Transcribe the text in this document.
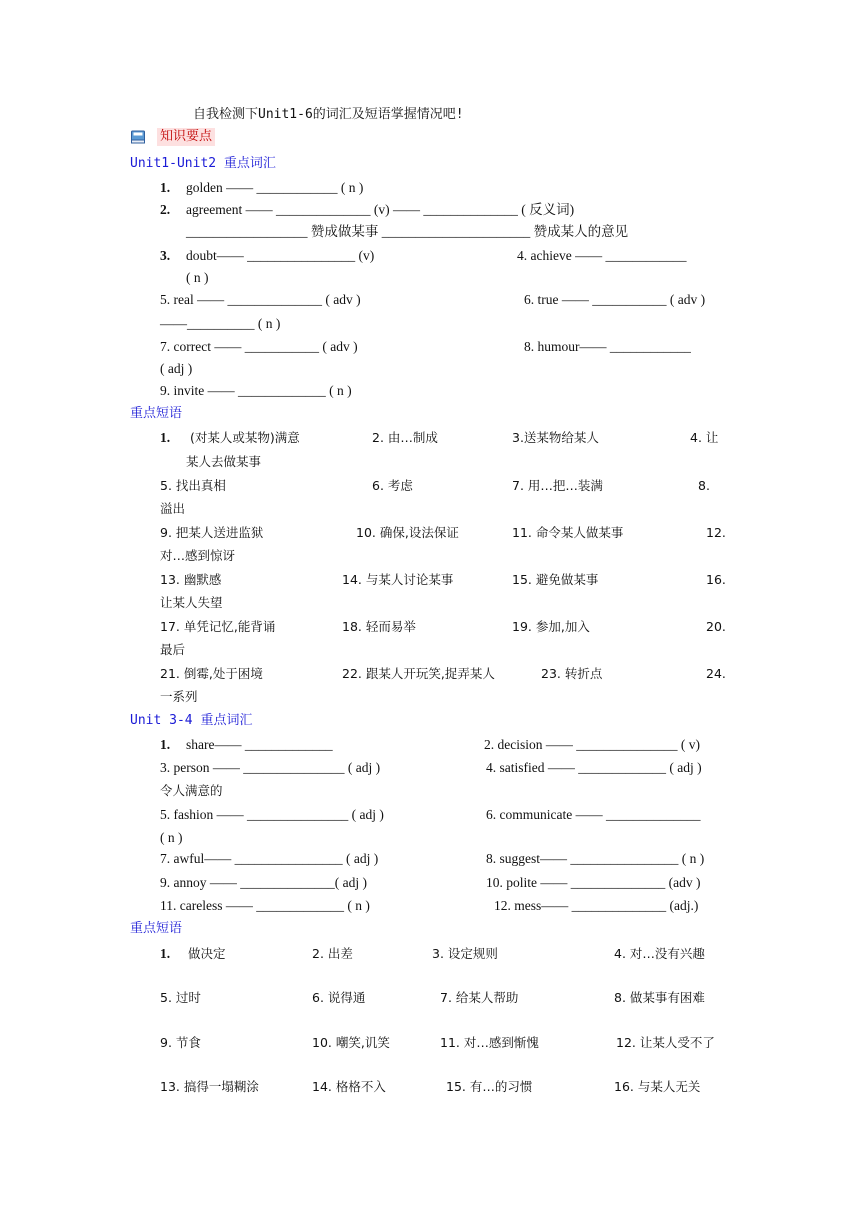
自我检测下Unit1-6的词汇及短语掌握情况吧!
知识要点
Unit1-Unit2 重点词汇
1. golden —— ____________ ( n )
2. agreement —— ______________ (v) —— ______________ ( 反义词)
__________________ 赞成做某事 ______________________ 赞成某人的意见
3. doubt—— ________________ (v)	4. achieve —— ____________
( n )
5. real —— ______________ ( adv )	6. true —— ___________ ( adv )
——__________ ( n )
7. correct —— ___________ ( adv )	8. humour—— ____________
( adj )
9. invite —— _____________ ( n )
重点短语
1. (对某人或某物)满意	2. 由…制成	3.送某物给某人	4. 让
某人去做某事
5. 找出真相	6. 考虑	7. 用…把…装满	8.
溢出
9. 把某人送进监狱	10. 确保,设法保证	11. 命令某人做某事	12.
对…感到惊讶
13. 幽默感	14. 与某人讨论某事	15. 避免做某事	16.
让某人失望
17. 单凭记忆,能背诵	18. 轻而易举	19. 参加,加入	20.
最后
21. 倒霉,处于困境	22. 跟某人开玩笑,捉弄某人	23. 转折点	24.
一系列
Unit 3-4 重点词汇
1. share—— _____________	2. decision —— _______________ ( v)
3. person —— _______________ ( adj )	4. satisfied —— _____________ ( adj )
令人满意的
5. fashion —— _______________ ( adj )	6. communicate —— ______________
( n )
7. awful—— ________________ ( adj )	8. suggest—— ________________ ( n )
9. annoy —— ______________( adj )	10. polite —— ______________ (adv )
11. careless —— _____________ ( n )	12. mess—— ______________ (adj.)
重点短语
1. 做决定	2. 出差	3. 设定规则	4. 对…没有兴趣
5. 过时	6. 说得通	7. 给某人帮助	8. 做某事有困难
9. 节食	10. 嘲笑,讥笑	11. 对…感到惭愧	12. 让某人受不了
13. 搞得一塌糊涂	14. 格格不入	15. 有…的习惯	16. 与某人无关
